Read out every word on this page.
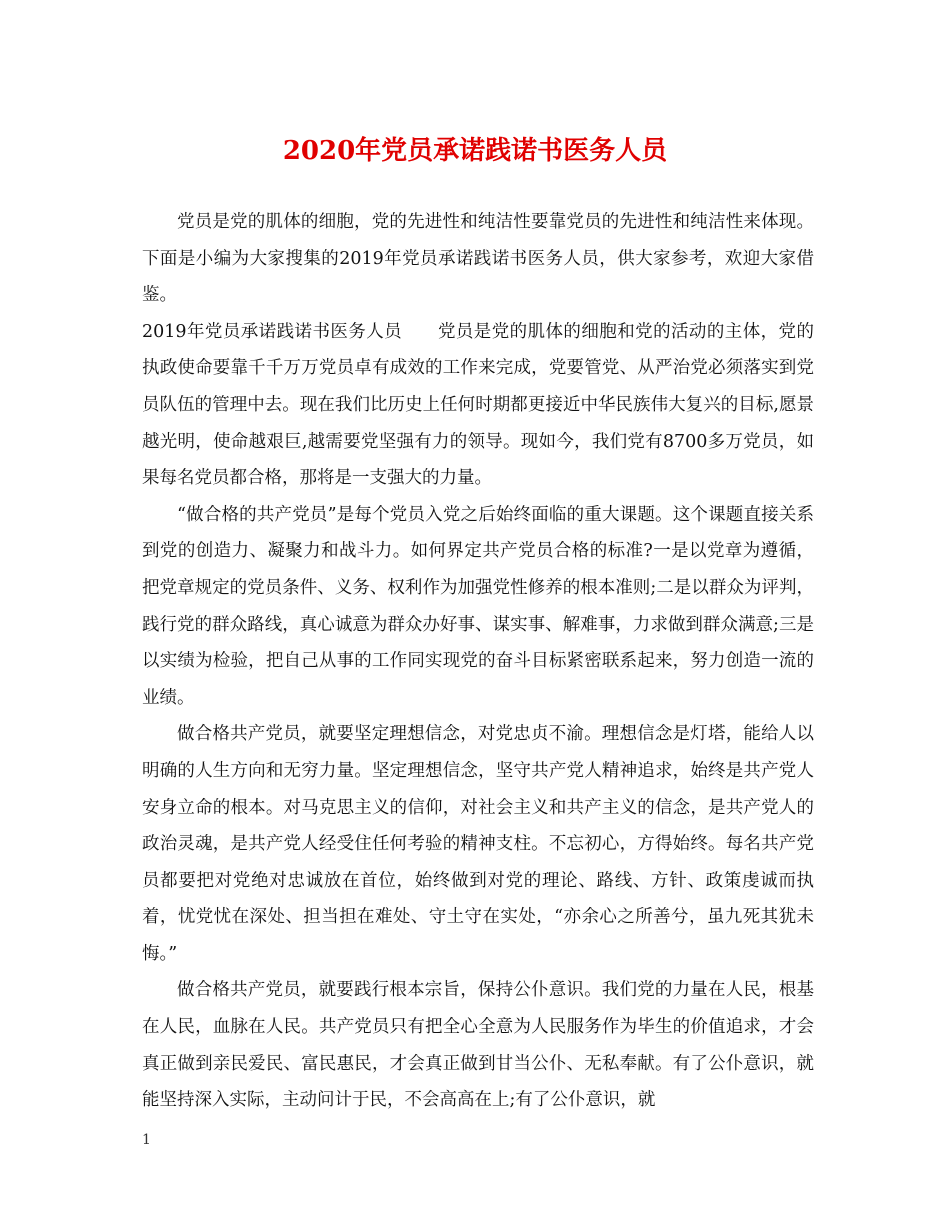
2020年党员承诺践诺书医务人员

党员是党的肌体的细胞，党的先进性和纯洁性要靠党员的先进性和纯洁性来体现。下面是小编为大家搜集的2019年党员承诺践诺书医务人员，供大家参考，欢迎大家借鉴。

2019年党员承诺践诺书医务人员　　党员是党的肌体的细胞和党的活动的主体，党的执政使命要靠千千万万党员卓有成效的工作来完成，党要管党、从严治党必须落实到党员队伍的管理中去。现在我们比历史上任何时期都更接近中华民族伟大复兴的目标,愿景越光明，使命越艰巨,越需要党坚强有力的领导。现如今，我们党有8700多万党员，如果每名党员都合格，那将是一支强大的力量。

“做合格的共产党员”是每个党员入党之后始终面临的重大课题。这个课题直接关系到党的创造力、凝聚力和战斗力。如何界定共产党员合格的标准?一是以党章为遵循，把党章规定的党员条件、义务、权利作为加强党性修养的根本准则;二是以群众为评判，践行党的群众路线，真心诚意为群众办好事、谋实事、解难事，力求做到群众满意;三是以实绩为检验，把自己从事的工作同实现党的奋斗目标紧密联系起来，努力创造一流的业绩。

做合格共产党员，就要坚定理想信念，对党忠贞不渝。理想信念是灯塔，能给人以明确的人生方向和无穷力量。坚定理想信念，坚守共产党人精神追求，始终是共产党人安身立命的根本。对马克思主义的信仰，对社会主义和共产主义的信念，是共产党人的政治灵魂，是共产党人经受住任何考验的精神支柱。不忘初心，方得始终。每名共产党员都要把对党绝对忠诚放在首位，始终做到对党的理论、路线、方针、政策虔诚而执着，忧党忧在深处、担当担在难处、守土守在实处，“亦余心之所善兮，虽九死其犹未悔。”

做合格共产党员，就要践行根本宗旨，保持公仆意识。我们党的力量在人民，根基在人民，血脉在人民。共产党员只有把全心全意为人民服务作为毕生的价值追求，才会真正做到亲民爱民、富民惠民，才会真正做到甘当公仆、无私奉献。有了公仆意识，就能坚持深入实际，主动问计于民，不会高高在上;有了公仆意识，就

1
